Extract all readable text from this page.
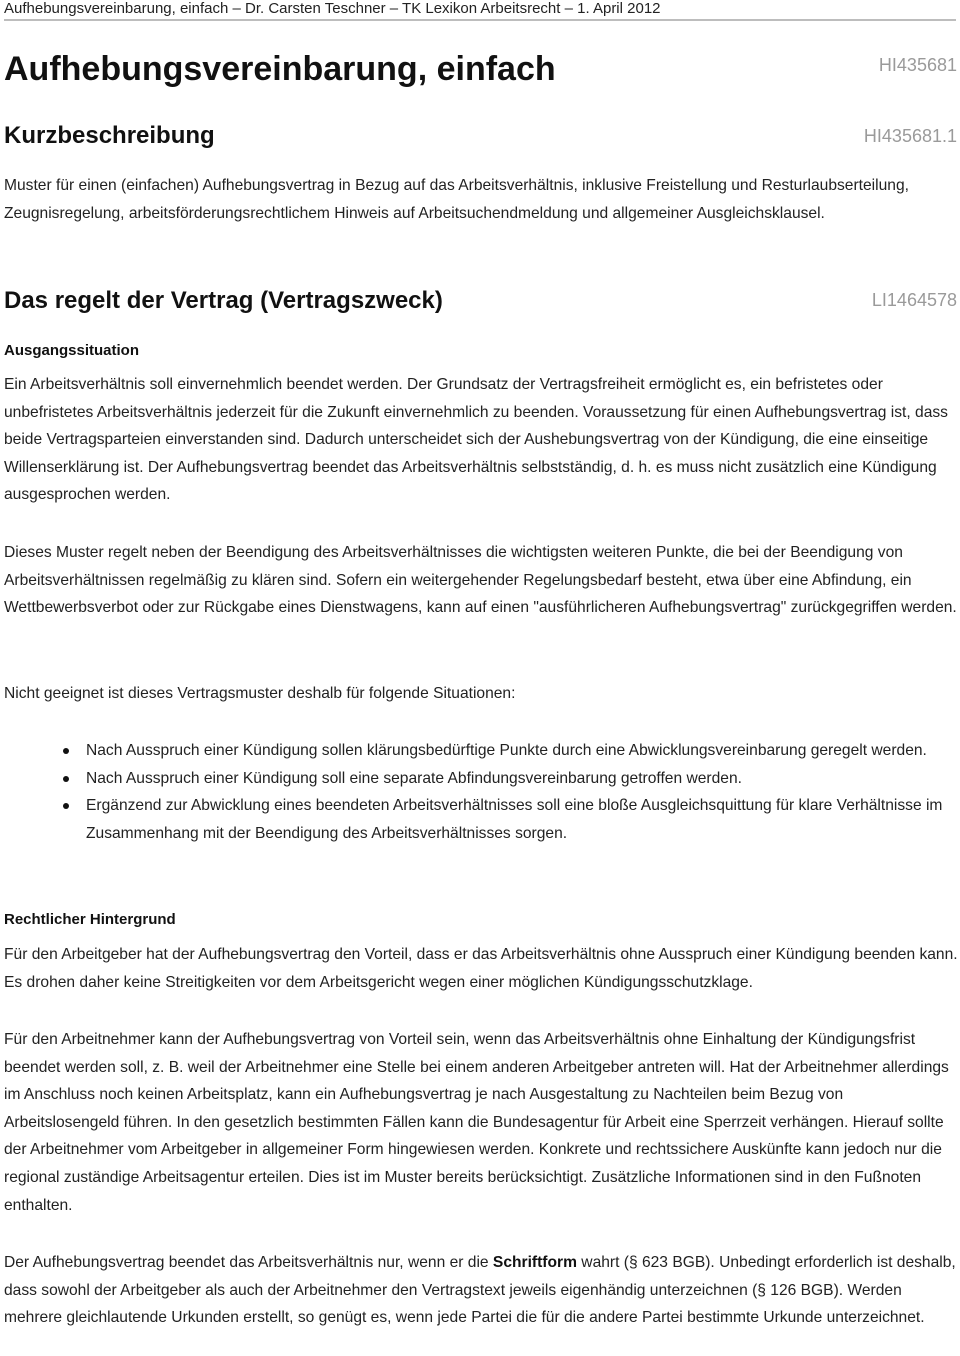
Aufhebungsvereinbarung, einfach – Dr. Carsten Teschner – TK Lexikon Arbeitsrecht – 1. April 2012
Aufhebungsvereinbarung, einfach	HI435681
Kurzbeschreibung	HI435681.1

Muster für einen (einfachen) Aufhebungsvertrag in Bezug auf das Arbeitsverhältnis, inklusive Freistellung und Resturlaubserteilung, Zeugnisregelung, arbeitsförderungsrechtlichem Hinweis auf Arbeitsuchendmeldung und allgemeiner Ausgleichsklausel.

Das regelt der Vertrag (Vertragszweck)	LI1464578
Ausgangssituation

Ein Arbeitsverhältnis soll einvernehmlich beendet werden. Der Grundsatz der Vertragsfreiheit ermöglicht es, ein befristetes oder unbefristetes Arbeitsverhältnis jederzeit für die Zukunft einvernehmlich zu beenden. Voraussetzung für einen Aufhebungsvertrag ist, dass beide Vertragsparteien einverstanden sind. Dadurch unterscheidet sich der Aushebungsvertrag von der Kündigung, die eine einseitige Willenserklärung ist. Der Aufhebungsvertrag beendet das Arbeitsverhältnis selbstständig, d. h. es muss nicht zusätzlich eine Kündigung ausgesprochen werden.

Dieses Muster regelt neben der Beendigung des Arbeitsverhältnisses die wichtigsten weiteren Punkte, die bei der Beendigung von Arbeitsverhältnissen regelmäßig zu klären sind. Sofern ein weitergehender Regelungsbedarf besteht, etwa über eine Abfindung, ein Wettbewerbsverbot oder zur Rückgabe eines Dienstwagens, kann auf einen "ausführlicheren Aufhebungsvertrag" zurückgegriffen werden.

Nicht geeignet ist dieses Vertragsmuster deshalb für folgende Situationen:

Nach Ausspruch einer Kündigung sollen klärungsbedürftige Punkte durch eine Abwicklungsvereinbarung geregelt werden.
Nach Ausspruch einer Kündigung soll eine separate Abfindungsvereinbarung getroffen werden.
Ergänzend zur Abwicklung eines beendeten Arbeitsverhältnisses soll eine bloße Ausgleichsquittung für klare Verhältnisse im Zusammenhang mit der Beendigung des Arbeitsverhältnisses sorgen.
Rechtlicher Hintergrund

Für den Arbeitgeber hat der Aufhebungsvertrag den Vorteil, dass er das Arbeitsverhältnis ohne Ausspruch einer Kündigung beenden kann. Es drohen daher keine Streitigkeiten vor dem Arbeitsgericht wegen einer möglichen Kündigungsschutzklage.

Für den Arbeitnehmer kann der Aufhebungsvertrag von Vorteil sein, wenn das Arbeitsverhältnis ohne Einhaltung der Kündigungsfrist beendet werden soll, z. B. weil der Arbeitnehmer eine Stelle bei einem anderen Arbeitgeber antreten will. Hat der Arbeitnehmer allerdings im Anschluss noch keinen Arbeitsplatz, kann ein Aufhebungsvertrag je nach Ausgestaltung zu Nachteilen beim Bezug von Arbeitslosengeld führen. In den gesetzlich bestimmten Fällen kann die Bundesagentur für Arbeit eine Sperrzeit verhängen. Hierauf sollte der Arbeitnehmer vom Arbeitgeber in allgemeiner Form hingewiesen werden. Konkrete und rechtssichere Auskünfte kann jedoch nur die regional zuständige Arbeitsagentur erteilen. Dies ist im Muster bereits berücksichtigt. Zusätzliche Informationen sind in den Fußnoten enthalten.

Der Aufhebungsvertrag beendet das Arbeitsverhältnis nur, wenn er die Schriftform wahrt (§ 623 BGB). Unbedingt erforderlich ist deshalb, dass sowohl der Arbeitgeber als auch der Arbeitnehmer den Vertragstext jeweils eigenhändig unterzeichnen (§ 126 BGB). Werden mehrere gleichlautende Urkunden erstellt, so genügt es, wenn jede Partei die für die andere Partei bestimmte Urkunde unterzeichnet.
